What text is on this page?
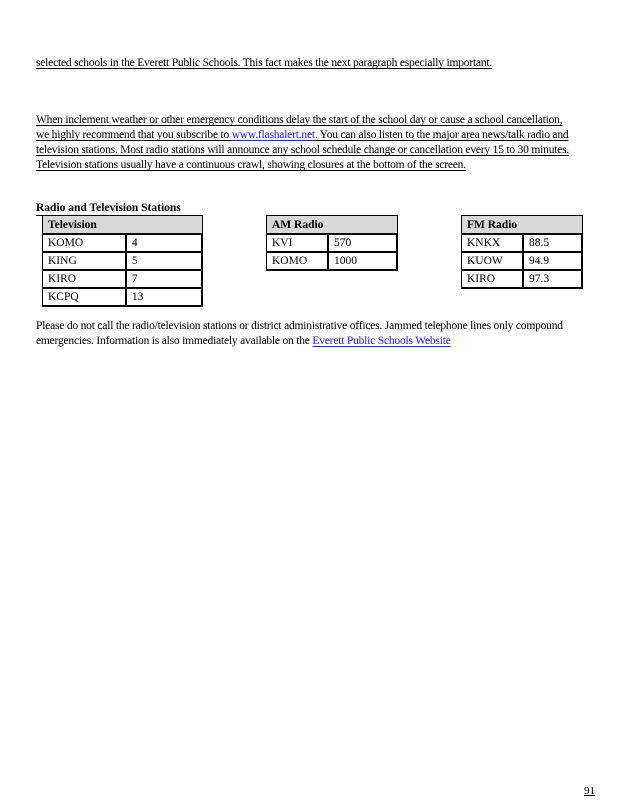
selected schools in the Everett Public Schools. This fact makes the next paragraph especially important.
When inclement weather or other emergency conditions delay the start of the school day or cause a school cancellation, we highly recommend that you subscribe to www.flashalert.net. You can also listen to the major area news/talk radio and television stations. Most radio stations will announce any school schedule change or cancellation every 15 to 30 minutes. Television stations usually have a continuous crawl, showing closures at the bottom of the screen.
Radio and Television Stations
Television	
KOMO	4
KING	5
KIRO	7
KCPQ	13
AM Radio	
KVI	570
KOMO	1000
FM Radio	
KNKX	88.5
KUOW	94.9
KIRO	97.3
Please do not call the radio/television stations or district administrative offices. Jammed telephone lines only compound emergencies. Information is also immediately available on the Everett Public Schools Website
91
